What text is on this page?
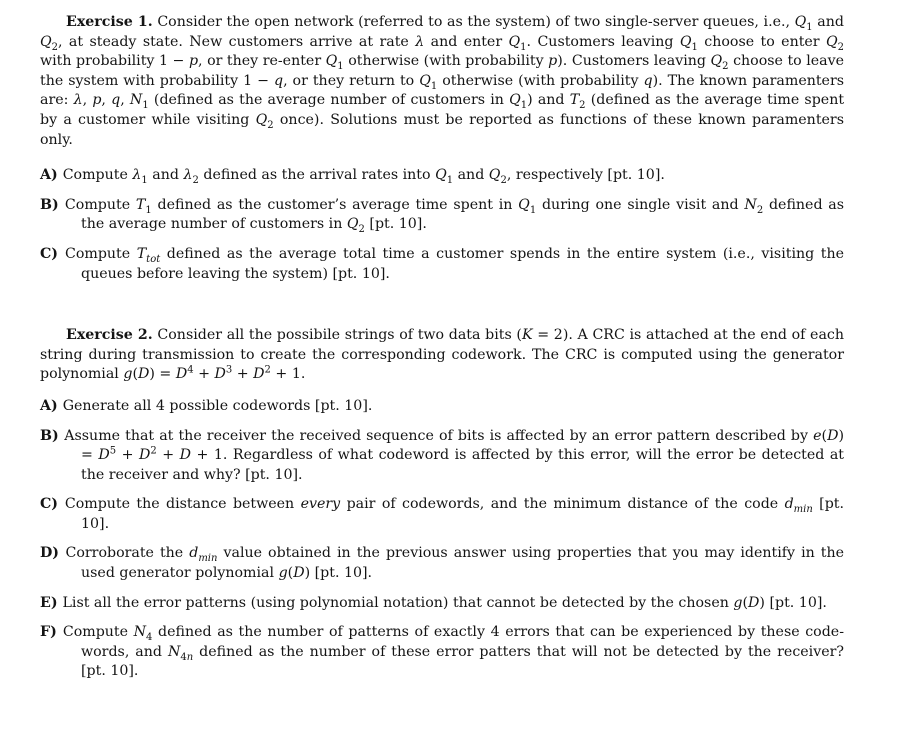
Exercise 1. Consider the open network (referred to as the system) of two single-server queues, i.e., $Q_1$ and $Q_2$, at steady state. New customers arrive at rate λ and enter $Q_1$. Customers leaving $Q_1$ choose to enter $Q_2$ with probability 1 − p, or they re-enter $Q_1$ otherwise (with probability p). Customers leaving $Q_2$ choose to leave the system with probability 1 − q, or they return to $Q_1$ otherwise (with probability q). The known paramenters are: λ, p, q, $N_1$ (defined as the average number of customers in $Q_1$) and $T_2$ (defined as the average time spent by a customer while visiting $Q_2$ once). Solutions must be reported as functions of these known paramenters only.

A) Compute $\lambda_1$ and $\lambda_2$ defined as the arrival rates into $Q_1$ and $Q_2$, respectively [pt. 10].

B) Compute $T_1$ defined as the customer’s average time spent in $Q_1$ during one single visit and $N_2$ defined as the average number of customers in $Q_2$ [pt. 10].

C) Compute $T_{tot}$ defined as the average total time a customer spends in the entire system (i.e., visiting the queues before leaving the system) [pt. 10].

Exercise 2. Consider all the possibile strings of two data bits (K = 2). A CRC is attached at the end of each string during transmission to create the corresponding codework. The CRC is computed using the generator polynomial $g(D) = D^4 + D^3 + D^2 + 1$.

A) Generate all 4 possible codewords [pt. 10].

B) Assume that at the receiver the received sequence of bits is affected by an error pattern described by $e(D) = D^5 + D^2 + D + 1$. Regardless of what codeword is affected by this error, will the error be detected at the receiver and why? [pt. 10].

C) Compute the distance between every pair of codewords, and the minimum distance of the code $d_{min}$ [pt. 10].

D) Corroborate the $d_{min}$ value obtained in the previous answer using properties that you may identify in the used generator polynomial g(D) [pt. 10].

E) List all the error patterns (using polynomial notation) that cannot be detected by the chosen g(D) [pt. 10].

F) Compute $N_4$ defined as the number of patterns of exactly 4 errors that can be experienced by these code-words, and $N_{4n}$ defined as the number of these error patters that will not be detected by the receiver? [pt. 10].
